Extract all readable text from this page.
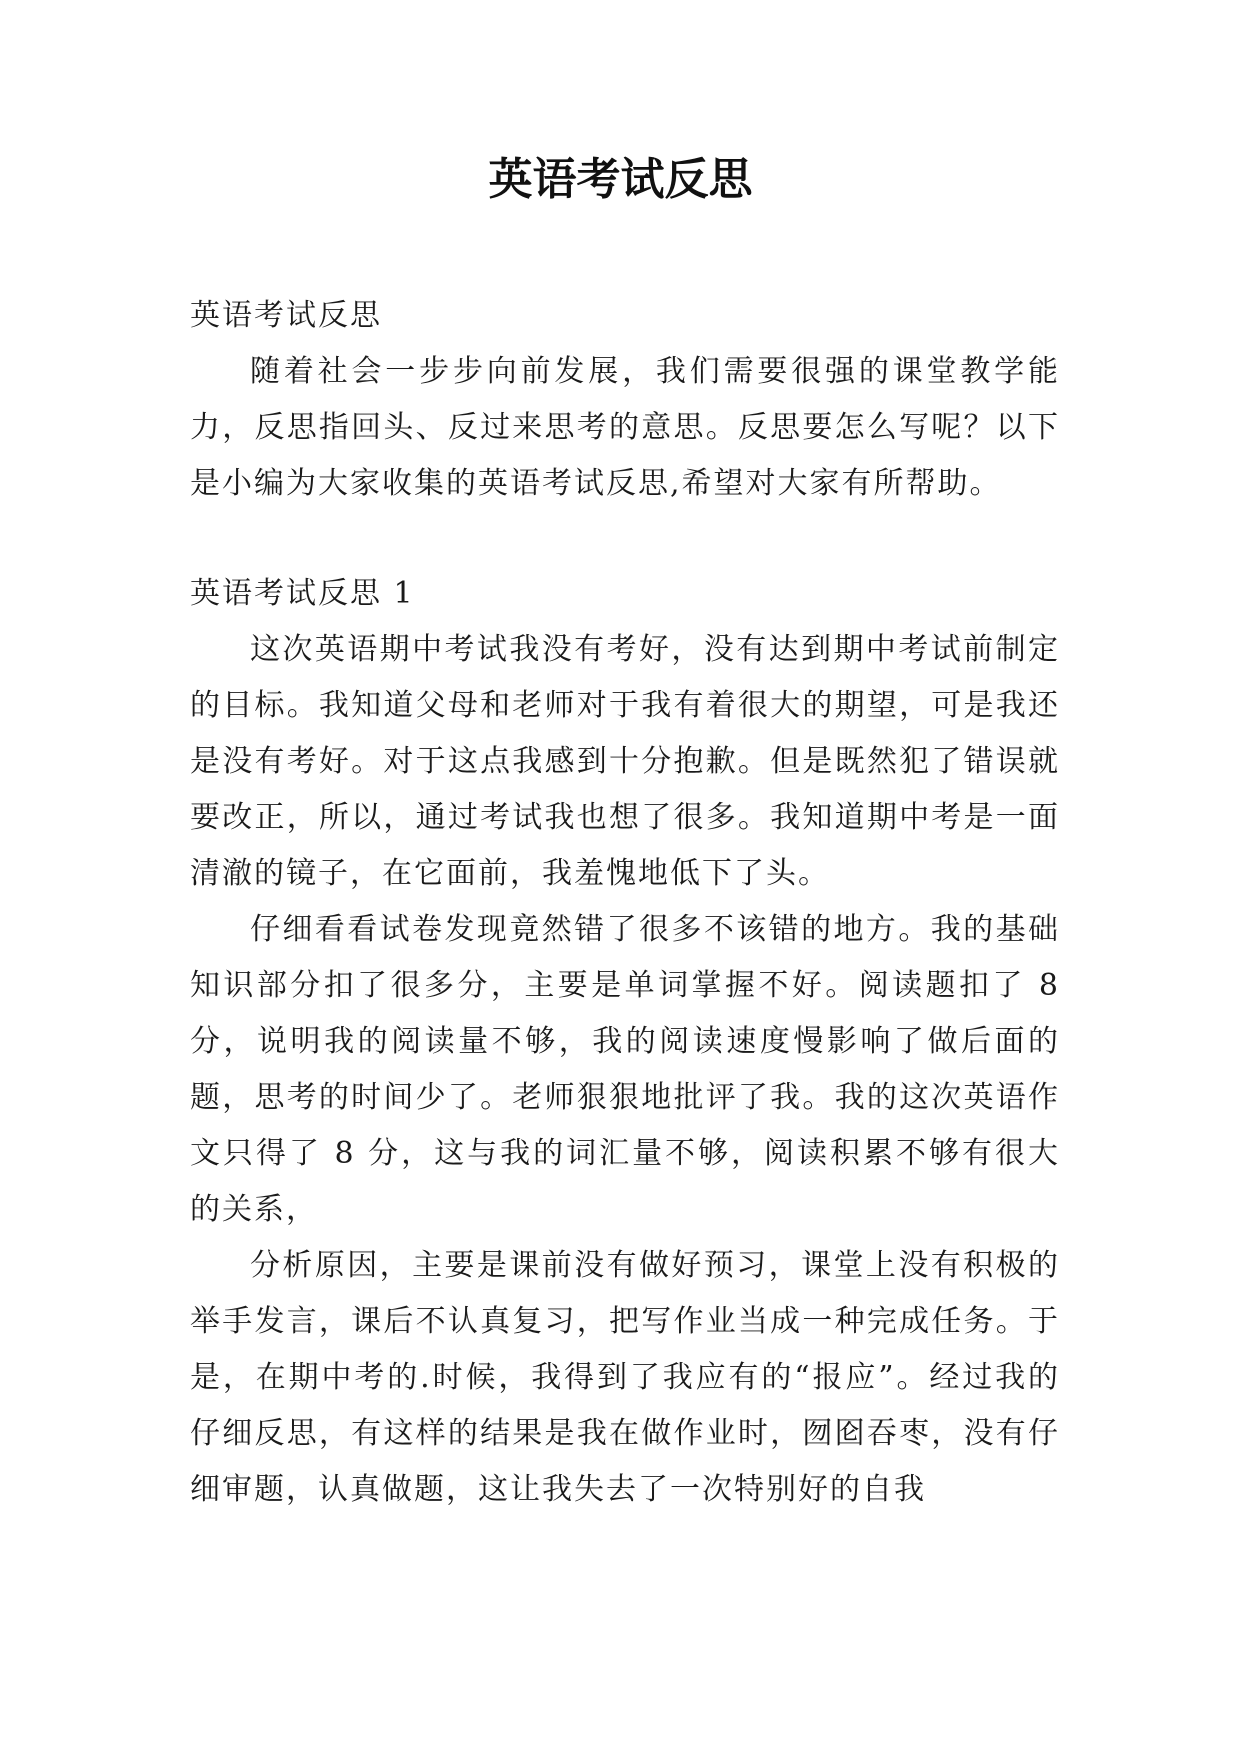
英语考试反思

英语考试反思

随着社会一步步向前发展，我们需要很强的课堂教学能力，反思指回头、反过来思考的意思。反思要怎么写呢？以下是小编为大家收集的英语考试反思,希望对大家有所帮助。

英语考试反思 1

这次英语期中考试我没有考好，没有达到期中考试前制定的目标。我知道父母和老师对于我有着很大的期望，可是我还是没有考好。对于这点我感到十分抱歉。但是既然犯了错误就要改正，所以，通过考试我也想了很多。我知道期中考是一面清澈的镜子，在它面前，我羞愧地低下了头。

仔细看看试卷发现竟然错了很多不该错的地方。我的基础知识部分扣了很多分，主要是单词掌握不好。阅读题扣了 8 分，说明我的阅读量不够，我的阅读速度慢影响了做后面的题，思考的时间少了。老师狠狠地批评了我。我的这次英语作文只得了 8 分，这与我的词汇量不够，阅读积累不够有很大的关系，

分析原因，主要是课前没有做好预习，课堂上没有积极的举手发言，课后不认真复习，把写作业当成一种完成任务。于是，在期中考的.时候，我得到了我应有的“报应”。经过我的仔细反思，有这样的结果是我在做作业时，囫囵吞枣，没有仔细审题，认真做题，这让我失去了一次特别好的自我
